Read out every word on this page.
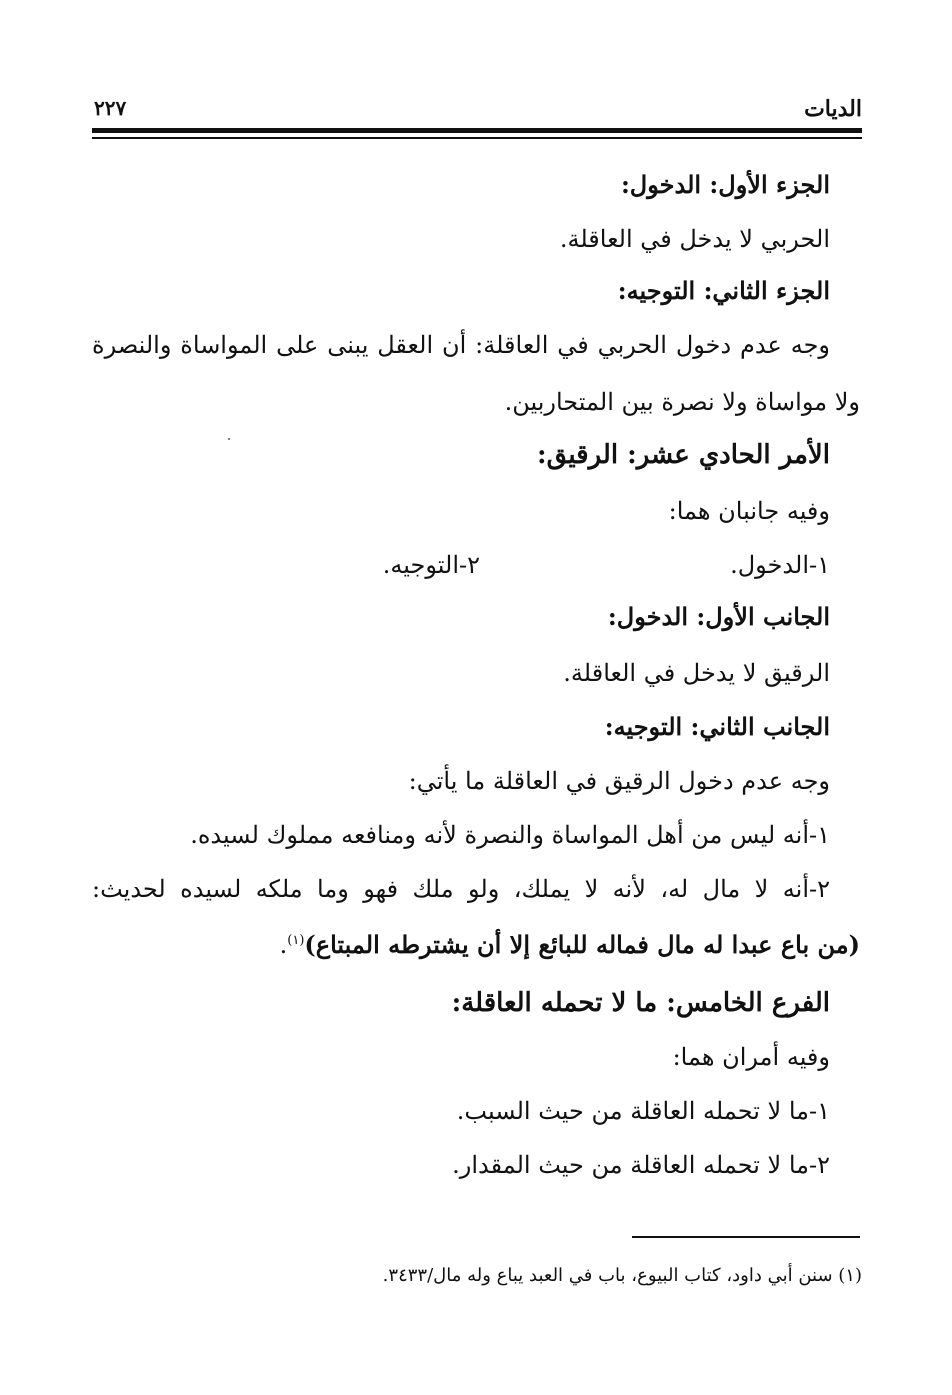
الديات
٢٢٧
الجزء الأول: الدخول:
الحربي لا يدخل في العاقلة.
الجزء الثاني: التوجيه:
وجه عدم دخول الحربي في العاقلة: أن العقل يبنى على المواساة والنصرة
ولا مواساة ولا نصرة بين المتحاربين.
الأمر الحادي عشر: الرقيق:
وفيه جانبان هما:
١-الدخول.
٢-التوجيه.
الجانب الأول: الدخول:
الرقيق لا يدخل في العاقلة.
الجانب الثاني: التوجيه:
وجه عدم دخول الرقيق في العاقلة ما يأتي:
١-أنه ليس من أهل المواساة والنصرة لأنه ومنافعه مملوك لسيده.
٢-أنه لا مال له، لأنه لا يملك، ولو ملك فهو وما ملكه لسيده لحديث:
(من باع عبدا له مال فماله للبائع إلا أن يشترطه المبتاع)$^{(١)}$.
الفرع الخامس: ما لا تحمله العاقلة:
وفيه أمران هما:
١-ما لا تحمله العاقلة من حيث السبب.
٢-ما لا تحمله العاقلة من حيث المقدار.
(١) سنن أبي داود، كتاب البيوع، باب في العبد يباع وله مال/٣٤٣٣.
